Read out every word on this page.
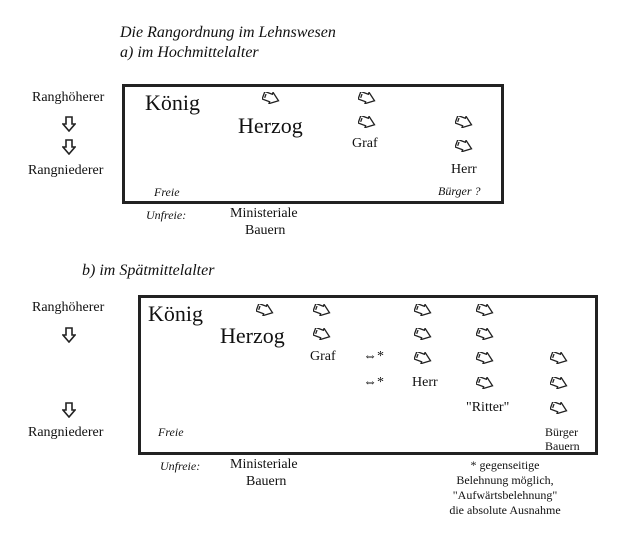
Die Rangordnung im Lehnswesen
a) im Hochmittelalter
Ranghöherer
Rangniederer
König
Herzog
Graf
Herr
Freie	Bürger ?
Unfreie:	Ministeriale
Bauern
b) im Spätmittelalter
Ranghöherer
Rangniederer
König
Herzog
Graf ⇔*
⇔* Herr
"Ritter"
Freie	Bürger
Bauern
Unfreie: Ministeriale
Bauern
* gegenseitige
Belehnung möglich,
"Aufwärtsbelehnung"
die absolute Ausnahme
